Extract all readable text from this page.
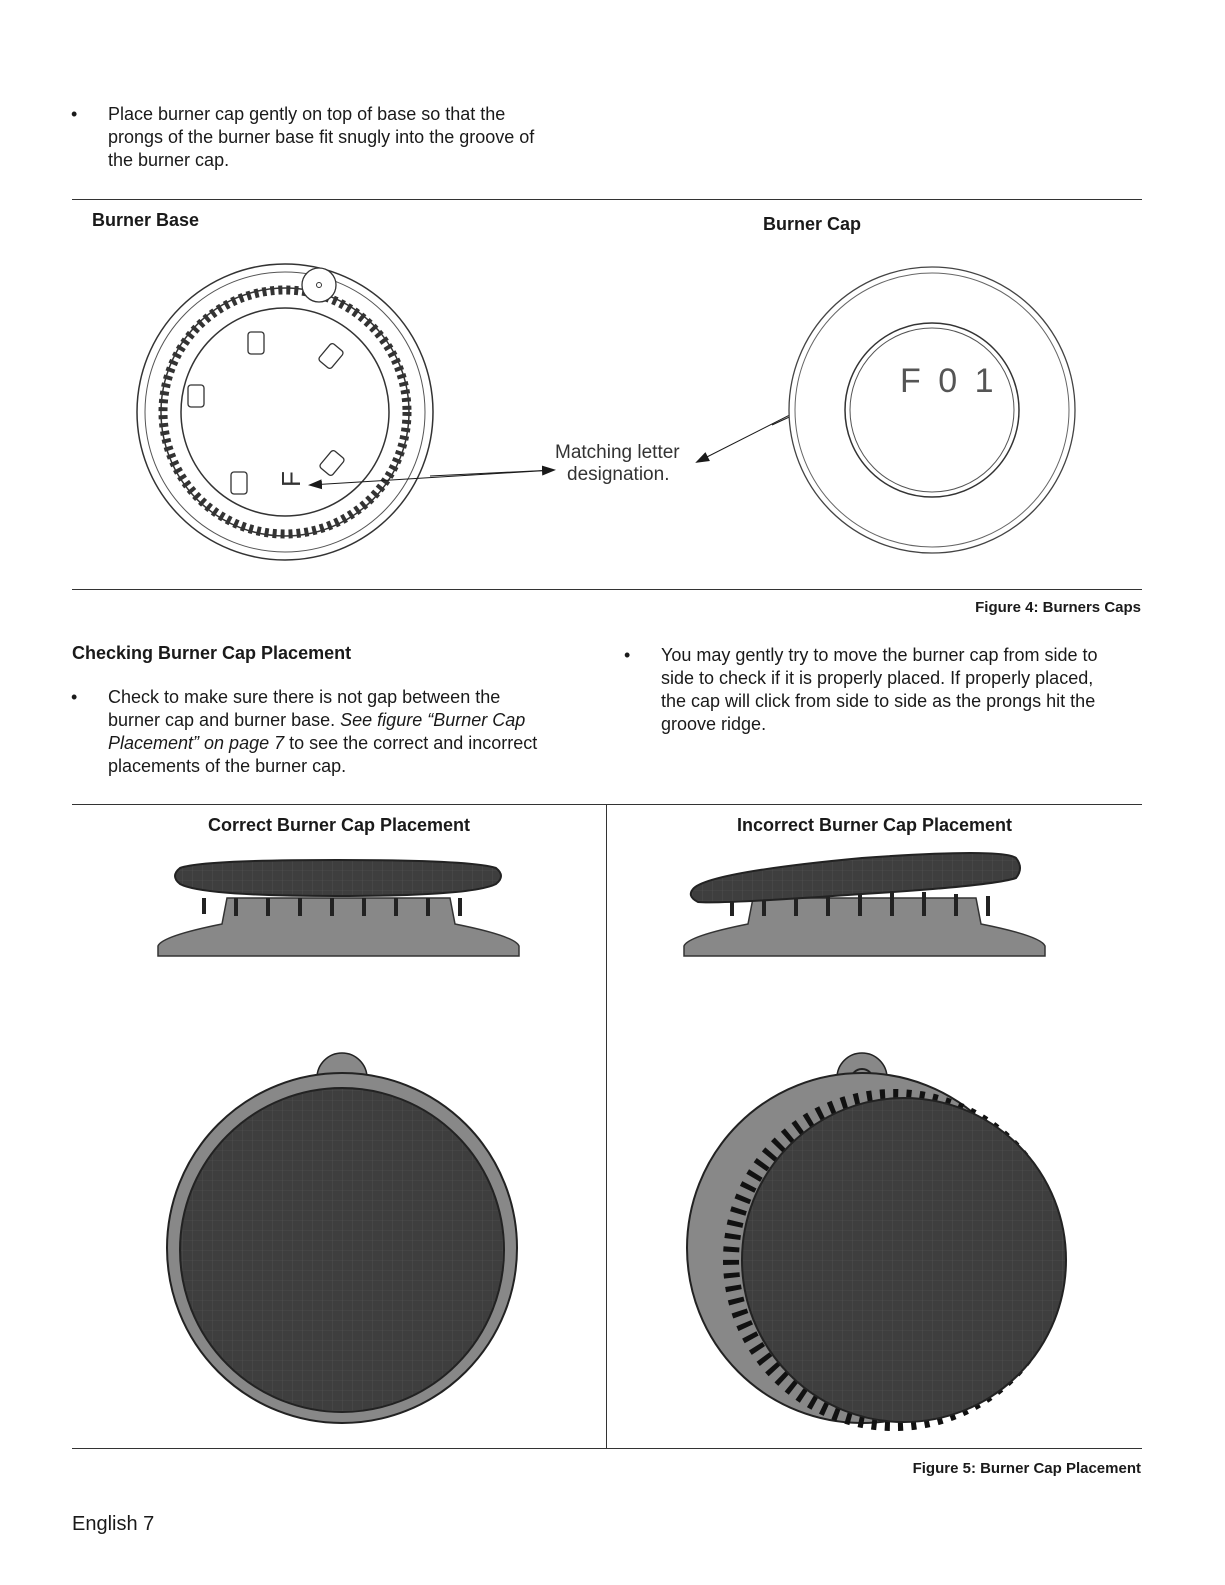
•	Place burner cap gently on top of base so that the
prongs of the burner base fit snugly into the groove of
the burner cap.
Burner Base	Burner Cap
F
Matching letter
designation.
F 0 1
Figure 4: Burners Caps
Checking Burner Cap Placement
•	Check to make sure there is not gap between the
burner cap and burner base. See figure “Burner Cap
Placement” on page 7 to see the correct and incorrect
placements of the burner cap.
•	You may gently try to move the burner cap from side to
side to check if it is properly placed. If properly placed,
the cap will click from side to side as the prongs hit the
groove ridge.
Correct Burner Cap Placement	Incorrect Burner Cap Placement
Figure 5: Burner Cap Placement
English 7
